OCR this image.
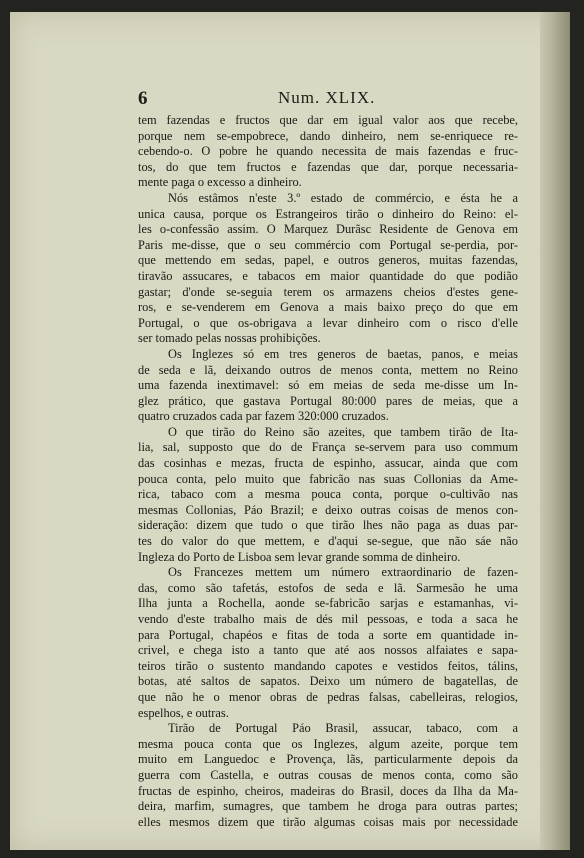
6	Num. XLIX.
tem fazendas e fructos que dar em igual valor aos que recebe,
porque nem se-empobrece, dando dinheiro, nem se-enriquece re-
cebendo-o. O pobre he quando necessita de mais fazendas e fruc-
tos, do que tem fructos e fazendas que dar, porque necessaria-
mente paga o excesso a dinheiro.
Nós estâmos n'este 3.º estado de commércio, e ésta he a
unica causa, porque os Estrangeiros tirão o dinheiro do Reino: el-
les o-confessão assim. O Marquez Durãsc Residente de Genova em
Paris me-disse, que o seu commércio com Portugal se-perdia, por-
que mettendo em sedas, papel, e outros generos, muitas fazendas,
tiravão assucares, e tabacos em maior quantidade do que podião
gastar; d'onde se-seguia terem os armazens cheios d'estes gene-
ros, e se-venderem em Genova a mais baixo preço do que em
Portugal, o que os-obrigava a levar dinheiro com o risco d'elle
ser tomado pelas nossas prohibições.
Os Inglezes só em tres generos de baetas, panos, e meias
de seda e lã, deixando outros de menos conta, mettem no Reino
uma fazenda inextimavel: só em meias de seda me-disse um In-
glez prático, que gastava Portugal 80:000 pares de meias, que a
quatro cruzados cada par fazem 320:000 cruzados.
O que tirão do Reino são azeites, que tambem tirão de Ita-
lia, sal, supposto que do de França se-servem para uso commum
das cosinhas e mezas, fructa de espinho, assucar, ainda que com
pouca conta, pelo muito que fabricão nas suas Collonias da Ame-
rica, tabaco com a mesma pouca conta, porque o-cultivão nas
mesmas Collonias, Páo Brazil; e deixo outras coisas de menos con-
sideração: dizem que tudo o que tirão lhes não paga as duas par-
tes do valor do que mettem, e d'aqui se-segue, que não sáe não
Ingleza do Porto de Lisboa sem levar grande somma de dinheiro.
Os Francezes mettem um número extraordinario de fazen-
das, como são tafetás, estofos de seda e lã. Sarmesão he uma
Ilha junta a Rochella, aonde se-fabricão sarjas e estamanhas, vi-
vendo d'este trabalho mais de dés mil pessoas, e toda a saca he
para Portugal, chapéos e fitas de toda a sorte em quantidade in-
crivel, e chega isto a tanto que até aos nossos alfaiates e sapa-
teiros tirão o sustento mandando capotes e vestidos feitos, tálins,
botas, até saltos de sapatos. Deixo um número de bagatellas, de
que não he o menor obras de pedras falsas, cabelleiras, relogios,
espelhos, e outras.
Tirão de Portugal Páo Brasil, assucar, tabaco, com a
mesma pouca conta que os Inglezes, algum azeite, porque tem
muito em Languedoc e Provença, lãs, particularmente depois da
guerra com Castella, e outras cousas de menos conta, como são
fructas de espinho, cheiros, madeiras do Brasil, doces da Ilha da Ma-
deira, marfim, sumagres, que tambem he droga para outras partes;
elles mesmos dizem que tirão algumas coisas mais por necessidade
